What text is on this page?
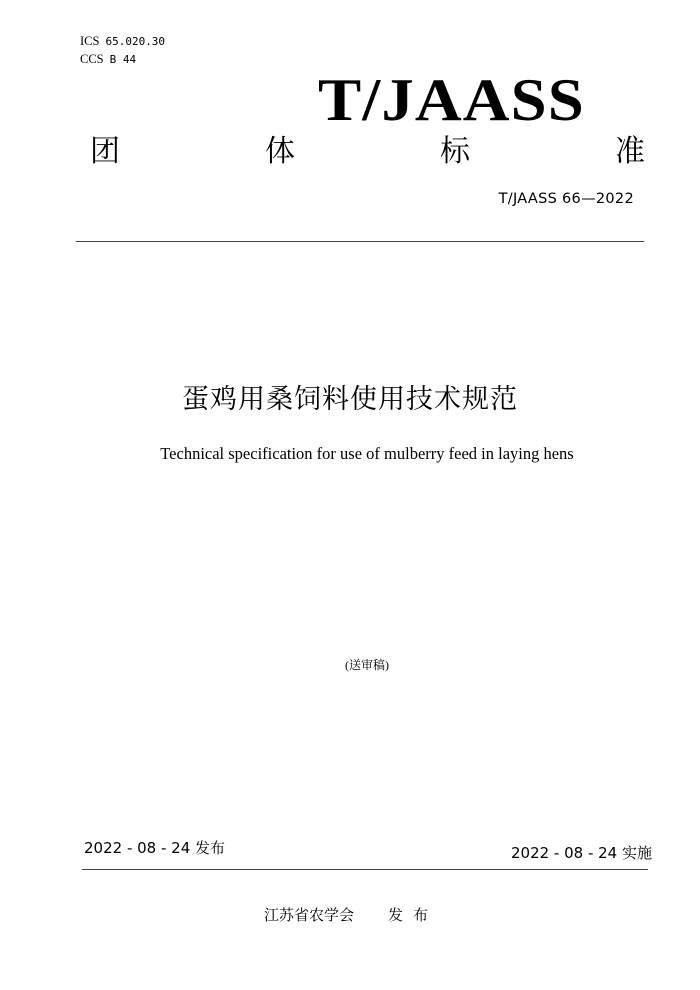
ICS 65.020.30
CCS B 44
T/JAASS
团	体	标	准
T/JAASS 66—2022
蛋鸡用桑饲料使用技术规范
Technical specification for use of mulberry feed in laying hens
(送审稿)
2022 - 08 - 24 发布	2022 - 08 - 24 实施
江苏省农学会 发布
